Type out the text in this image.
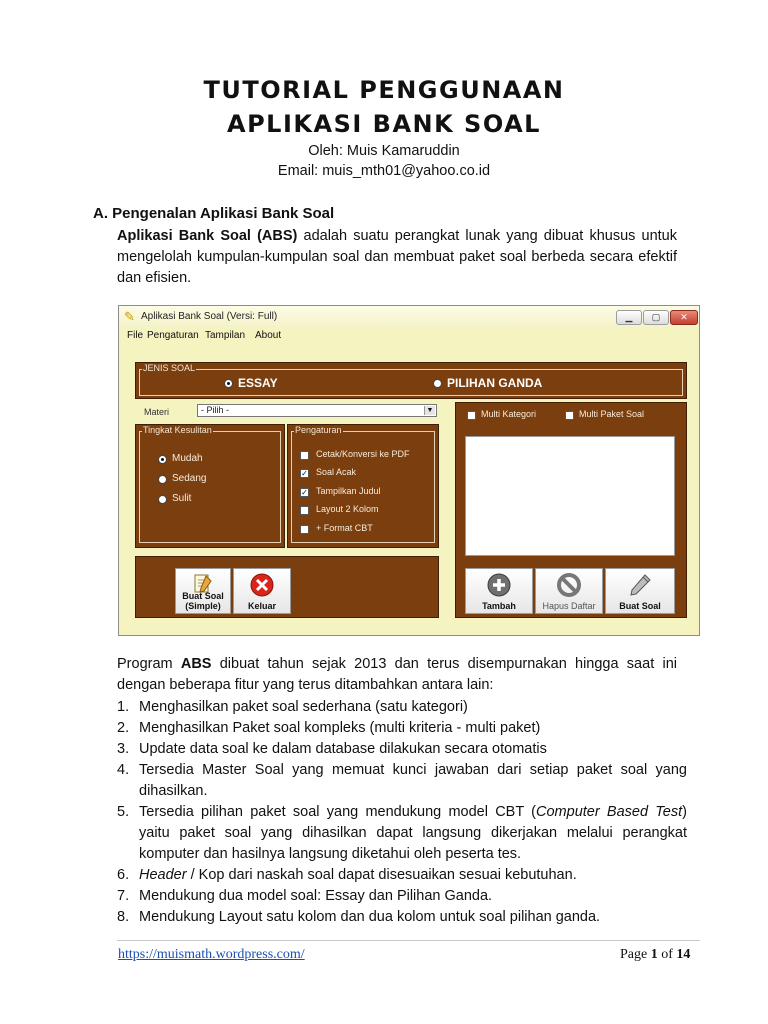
TUTORIAL PENGGUNAAN
APLIKASI BANK SOAL
Oleh: Muis Kamaruddin
Email: muis_mth01@yahoo.co.id
A. Pengenalan Aplikasi Bank Soal
Aplikasi Bank Soal (ABS) adalah suatu perangkat lunak yang dibuat khusus untuk mengelolah kumpulan-kumpulan soal dan membuat paket soal berbeda secara efektif dan efisien.
✎ Aplikasi Bank Soal (Versi: Full)	▁	▢	✕
File Pengaturan Tampilan About
JENIS SOAL
ESSAY	PILIHAN GANDA
Materi	- Pilih -	▼
Tingkat Kesulitan
Mudah
Sedang
Sulit
Pengaturan
Cetak/Konversi ke PDF
✓ Soal Acak
✓ Tampilkan Judul
Layout 2 Kolom
+ Format CBT
Multi Kategori	Multi Paket Soal
Buat Soal
(Simple)	Keluar	Tambah	Hapus Daftar	Buat Soal
Program ABS dibuat tahun sejak 2013 dan terus disempurnakan hingga saat ini dengan beberapa fitur yang terus ditambahkan antara lain:
1. Menghasilkan paket soal sederhana (satu kategori)
2. Menghasilkan Paket soal kompleks (multi kriteria - multi paket)
3. Update data soal ke dalam database dilakukan secara otomatis
4. Tersedia Master Soal yang memuat kunci jawaban dari setiap paket soal yang dihasilkan.
5. Tersedia pilihan paket soal yang mendukung model CBT (Computer Based Test) yaitu paket soal yang dihasilkan dapat langsung dikerjakan melalui perangkat komputer dan hasilnya langsung diketahui oleh peserta tes.
6. Header / Kop dari naskah soal dapat disesuaikan sesuai kebutuhan.
7. Mendukung dua model soal: Essay dan Pilihan Ganda.
8. Mendukung Layout satu kolom dan dua kolom untuk soal pilihan ganda.
https://muismath.wordpress.com/	Page 1 of 14
